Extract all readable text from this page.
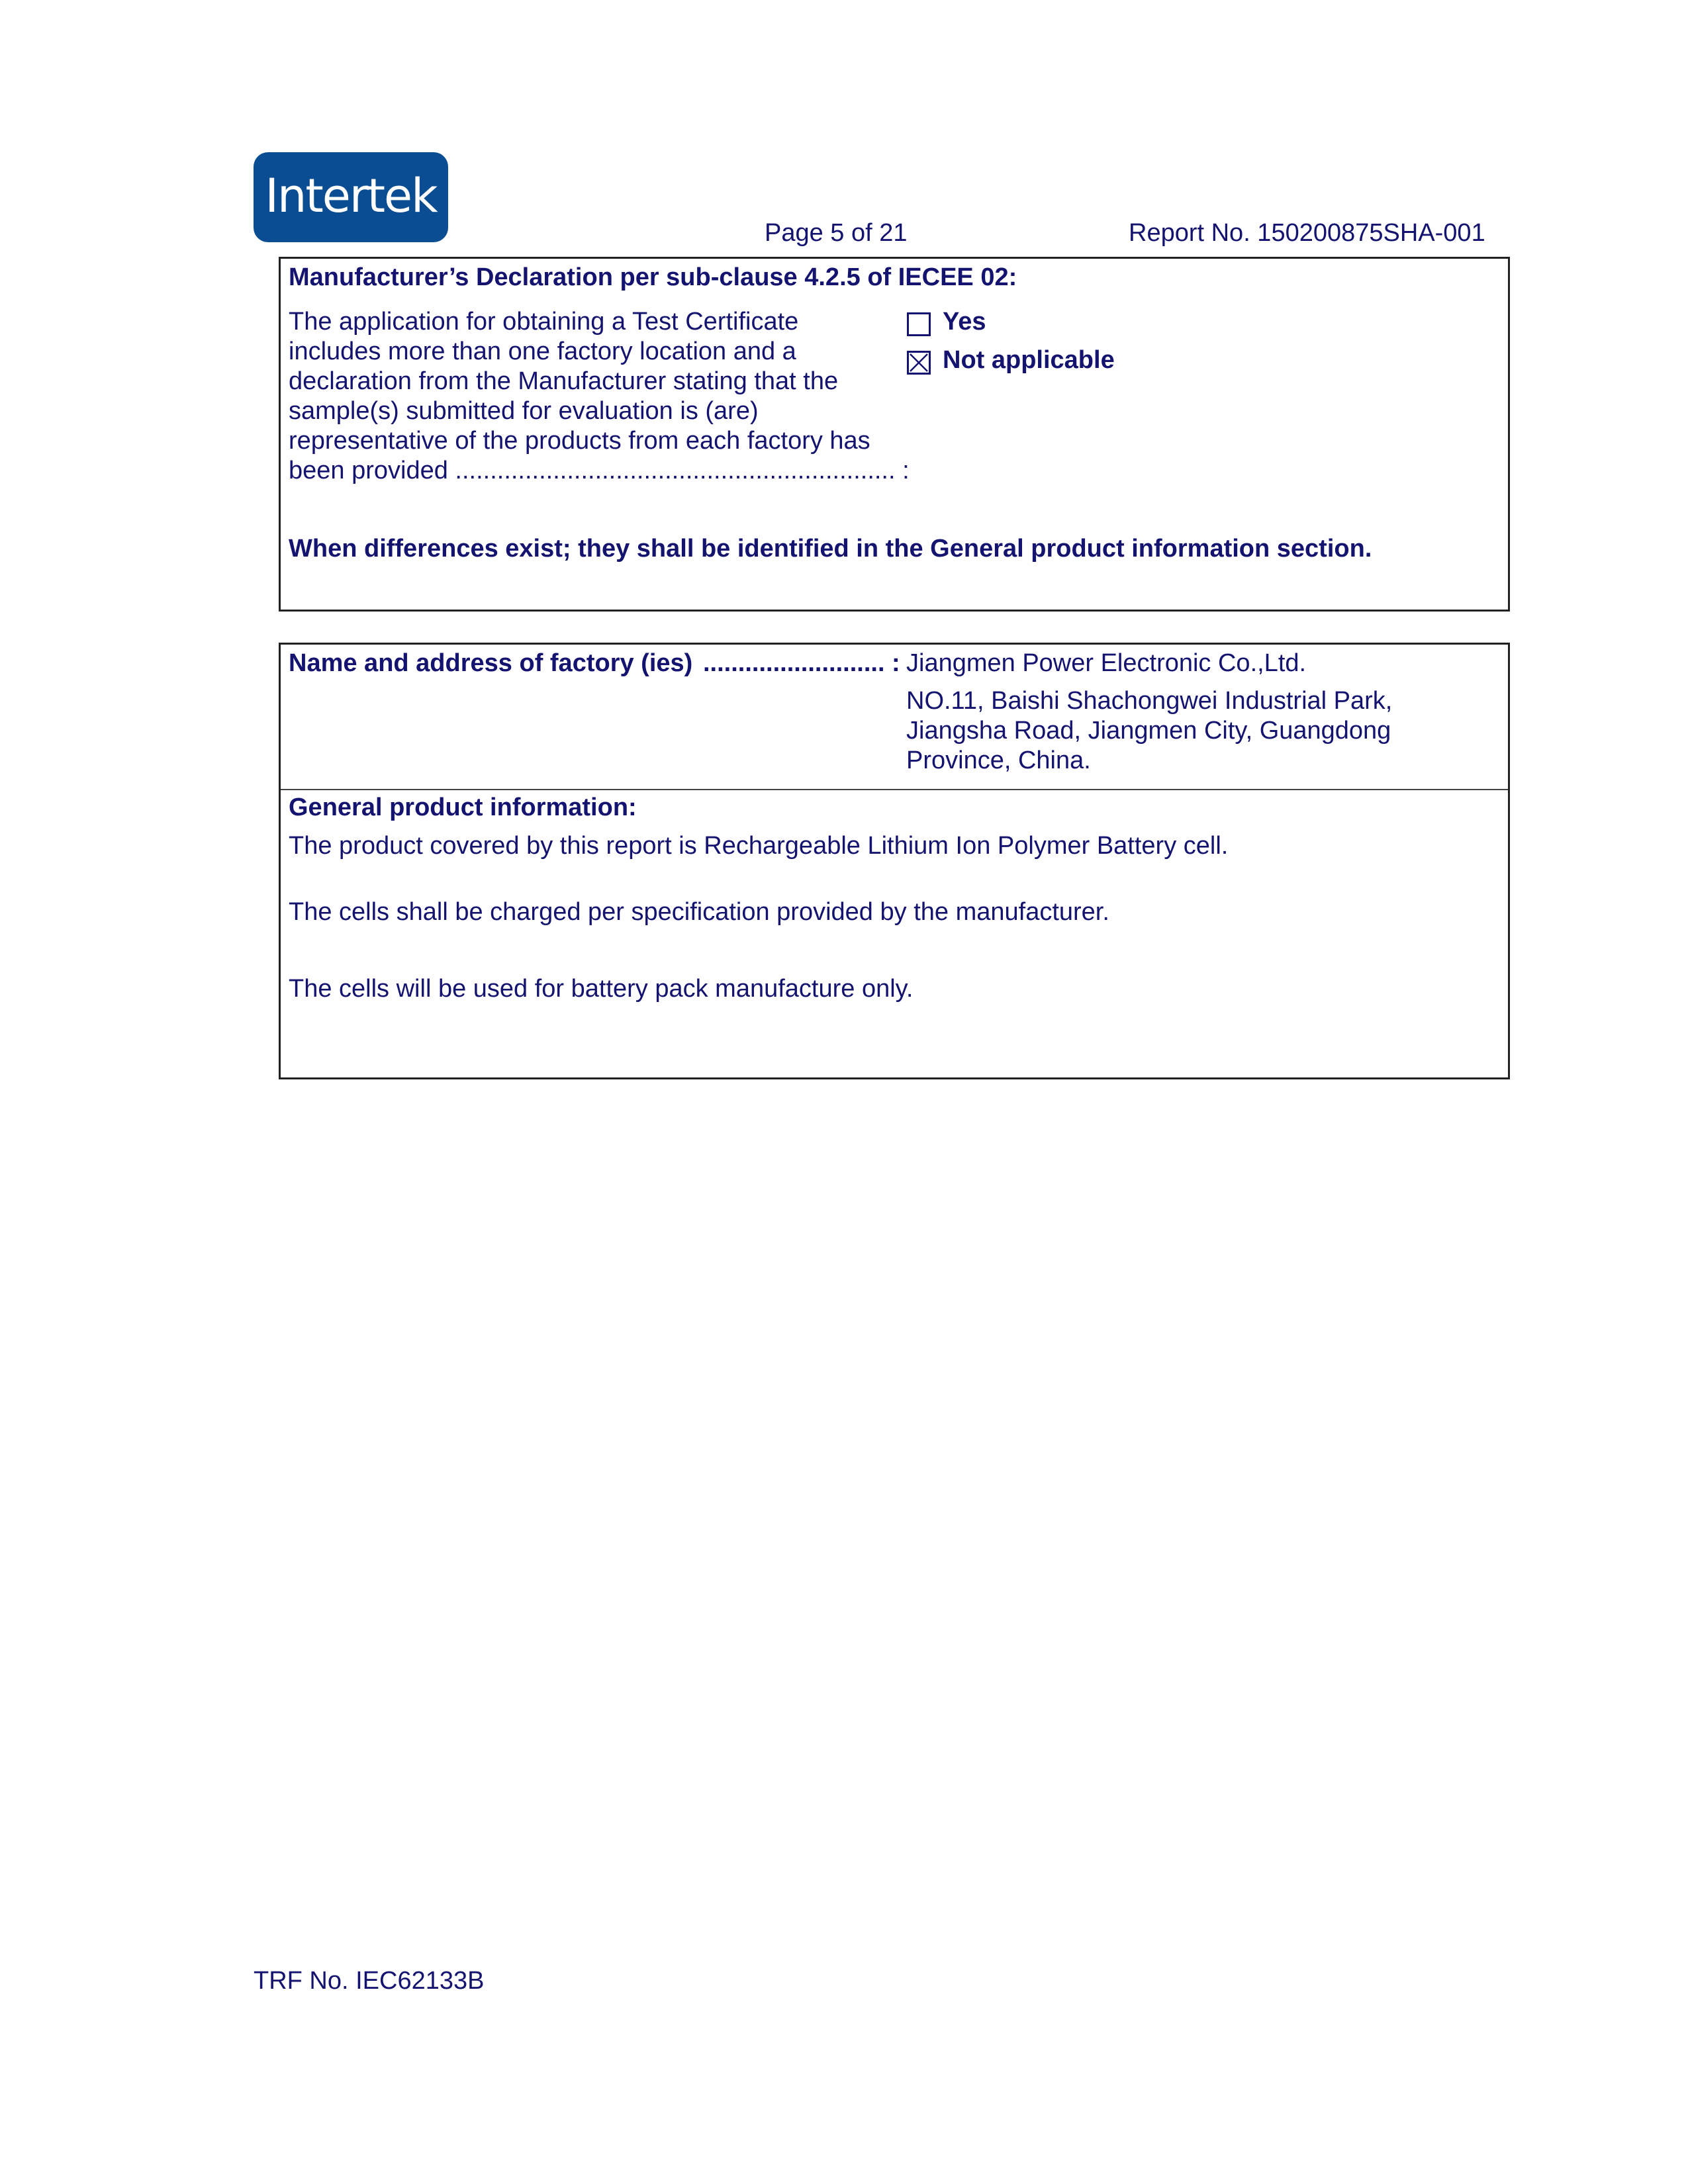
Intertek
Page 5 of 21	Report No. 150200875SHA-001
Manufacturer’s Declaration per sub-clause 4.2.5 of IECEE 02:
The application for obtaining a Test Certificate
includes more than one factory location and a
declaration from the Manufacturer stating that the
sample(s) submitted for evaluation is (are)
representative of the products from each factory has
been provided ............................................................... :
Yes
Not applicable
When differences exist; they shall be identified in the General product information section.
Name and address of factory (ies) .......................... : Jiangmen Power Electronic Co.,Ltd.
NO.11, Baishi Shachongwei Industrial Park,
Jiangsha Road, Jiangmen City, Guangdong
Province, China.
General product information:
The product covered by this report is Rechargeable Lithium Ion Polymer Battery cell.
The cells shall be charged per specification provided by the manufacturer.
The cells will be used for battery pack manufacture only.
TRF No. IEC62133B
